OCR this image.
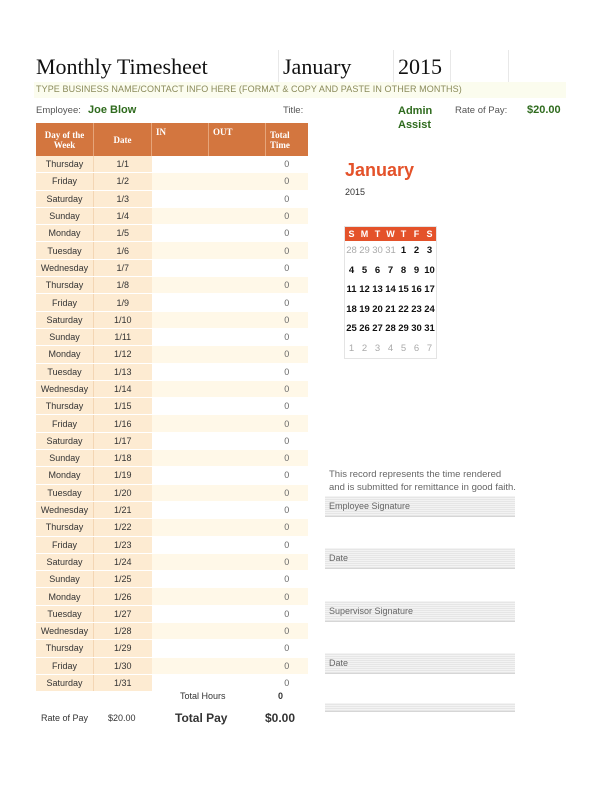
Monthly Timesheet	January 2015
TYPE BUSINESS NAME/CONTACT INFO HERE (FORMAT & COPY AND PASTE IN OTHER MONTHS)
Employee: Joe Blow	Title:	Admin
Assist
Rate of Pay: $20.00
Day of the Week	Date	IN	OUT	Total Time
Thursday	1/1			0
Friday	1/2			0
Saturday	1/3			0
Sunday	1/4			0
Monday	1/5			0
Tuesday	1/6			0
Wednesday	1/7			0
Thursday	1/8			0
Friday	1/9			0
Saturday	1/10			0
Sunday	1/11			0
Monday	1/12			0
Tuesday	1/13			0
Wednesday	1/14			0
Thursday	1/15			0
Friday	1/16			0
Saturday	1/17			0
Sunday	1/18			0
Monday	1/19			0
Tuesday	1/20			0
Wednesday	1/21			0
Thursday	1/22			0
Friday	1/23			0
Saturday	1/24			0
Sunday	1/25			0
Monday	1/26			0
Tuesday	1/27			0
Wednesday	1/28			0
Thursday	1/29			0
Friday	1/30			0
Saturday	1/31			0
Total Hours	0
Rate of Pay $20.00	Total Pay	$0.00
January
2015
S	M	T	W	T	F	S
28	29	30	31	1	2	3
4	5	6	7	8	9	10
11	12	13	14	15	16	17
18	19	20	21	22	23	24
25	26	27	28	29	30	31
1	2	3	4	5	6	7
This record represents the time rendered and is submitted for remittance in good faith.
Employee Signature
Date
Supervisor Signature
Date
